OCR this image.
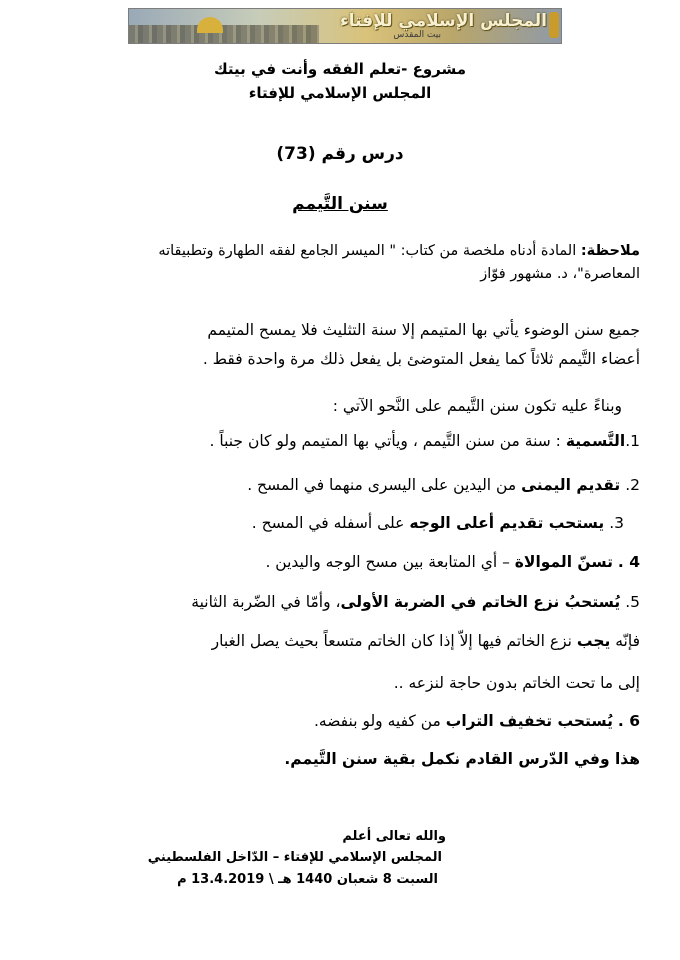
المجلس الإسلامي للإفتاء
بيت المقدس
مشروع -تعلم الفقه وأنت في بيتك
المجلس الإسلامي للإفتاء
درس رقم (73)
سنن التَّيمم
ملاحظة: المادة أدناه ملخصة من كتاب: " الميسر الجامع لفقه الطهارة وتطبيقاته
المعاصرة"، د. مشهور فوّاز
جميع سنن الوضوء يأتي بها المتيمم إلا سنة التثليث فلا يمسح المتيمم
أعضاء التَّيمم ثلاثاً كما يفعل المتوضئ بل يفعل ذلك مرة واحدة فقط .
وبناءً عليه تكون سنن التَّيمم على النَّحو الآتي :
1.التَّسمية : سنة من سنن التَّيمم ، ويأتي بها المتيمم ولو كان جنباً .
2. تقديم اليمنى من اليدين على اليسرى منهما في المسح .
3. يستحب تقديم أعلى الوجه على أسفله في المسح .
4 . تسنّ الموالاة – أي المتابعة بين مسح الوجه واليدين .
5. يُستحبُ نزع الخاتم في الضربة الأولى، وأمّا في الضّربة الثانية
فإنّه يجب نزع الخاتم فيها إلاّ إذا كان الخاتم متسعاً بحيث يصل الغبار
إلى ما تحت الخاتم بدون حاجة لنزعه ..
6 . يُستحب تخفيف التراب من كفيه ولو بنفضه.
هذا وفي الدّرس القادم نكمل بقية سنن التَّيمم.
والله تعالى أعلم
المجلس الإسلامي للإفتاء – الدّاخل الفلسطيني
السبت 8 شعبان 1440 هـ \ 13.4.2019 م
